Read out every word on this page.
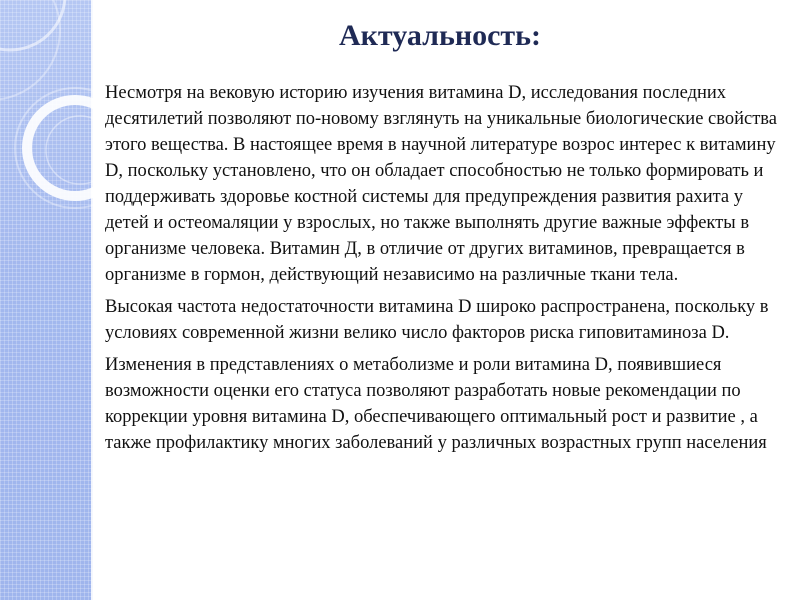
Актуальность:

Несмотря на вековую историю изучения витамина D, исследования последних десятилетий позволяют по-новому взглянуть на уникальные биологические свойства этого вещества. В настоящее время в научной литературе возрос интерес к витамину D, поскольку установлено, что он обладает способностью не только формировать и поддерживать здоровье костной системы для предупреждения развития рахита у детей и остеомаляции у взрослых, но также выполнять другие важные эффекты в организме человека. Витамин Д, в отличие от других витаминов, превращается в организме в гормон, действующий независимо на различные ткани тела.

Высокая частота недостаточности витамина D широко распространена, поскольку в условиях современной жизни велико число факторов риска гиповитаминоза D.

Изменения в представлениях о метаболизме и роли витамина D, появившиеся возможности оценки его статуса позволяют разработать новые рекомендации по коррекции уровня витамина D, обеспечивающего оптимальный рост и развитие , а также профилактику многих заболеваний у различных возрастных групп населения
